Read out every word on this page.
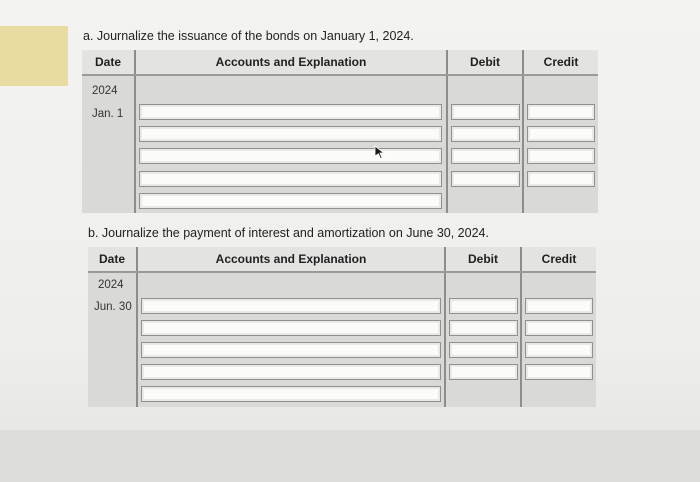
a. Journalize the issuance of the bonds on January 1, 2024.
Date	Accounts and Explanation	Debit	Credit
2024
Jan. 1
b. Journalize the payment of interest and amortization on June 30, 2024.
Date	Accounts and Explanation	Debit	Credit
2024
Jun. 30
